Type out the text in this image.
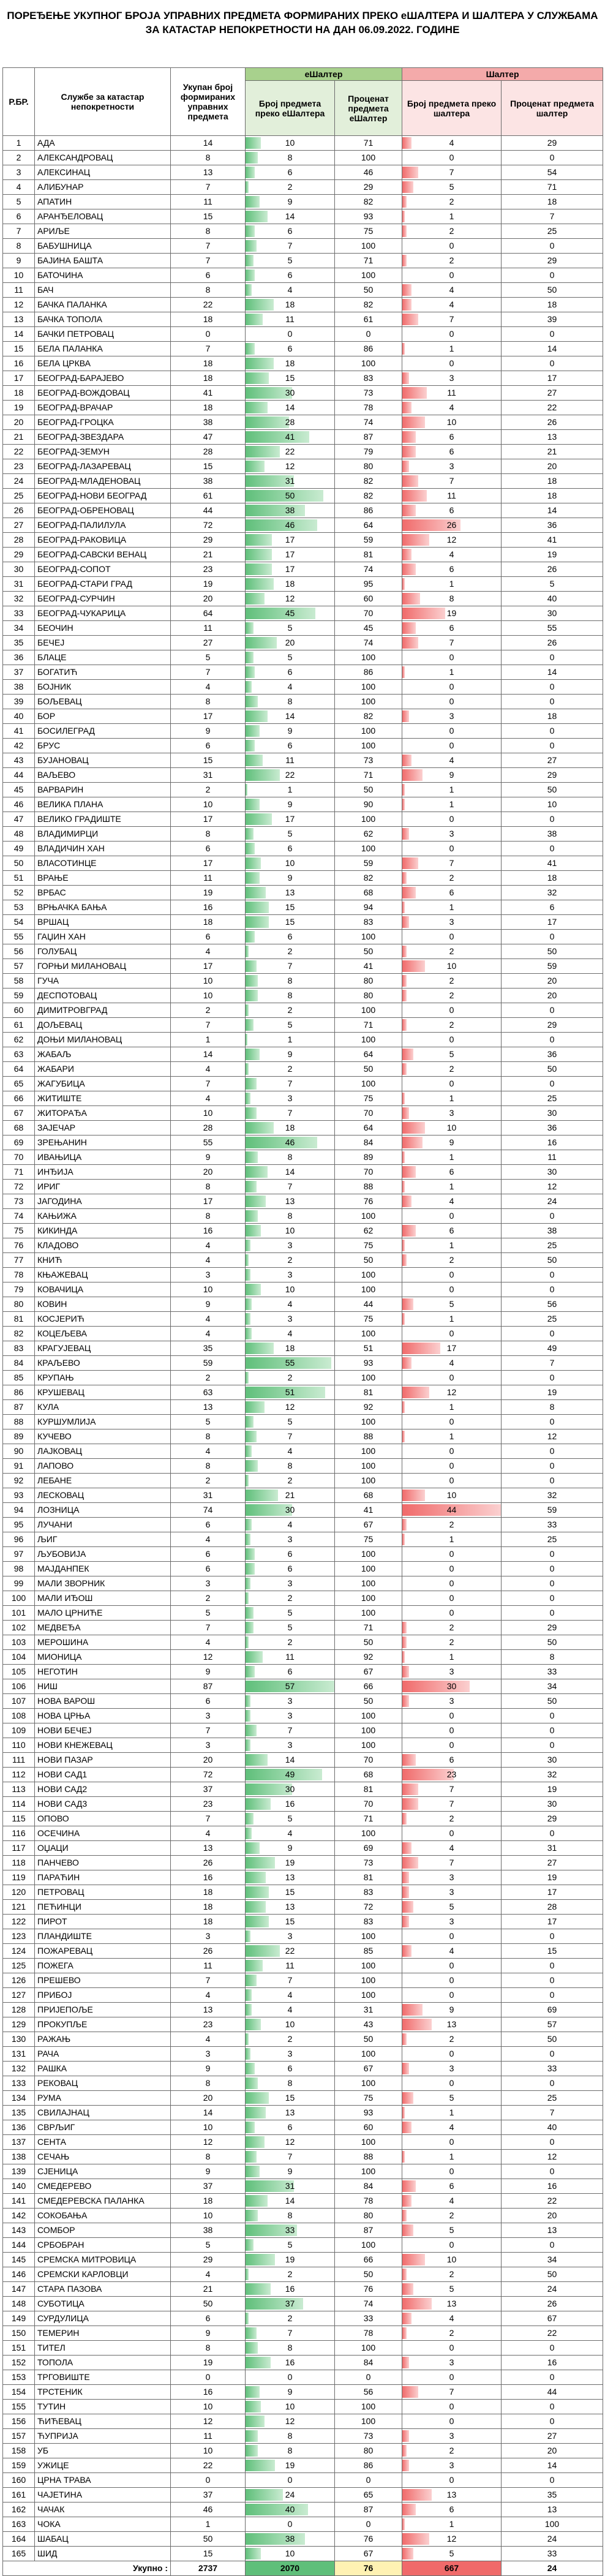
ПОРЕЂЕЊЕ УКУПНОГ БРОЈА УПРАВНИХ ПРЕДМЕТА ФОРМИРАНИХ ПРЕКО еШАЛТЕРА И ШАЛТЕРА У СЛУЖБАМА ЗА КАТАСТАР НЕПОКРЕТНОСТИ НА ДАН 06.09.2022. ГОДИНЕ
Р.БР.	Службе за катастар непокретности	Укупан број формираних управних предмета	еШалтер		Шалтер	
			Број предмета преко еШалтера	Проценат предмета еШалтер	Број предмета преко шалтера	Проценат предмета шалтер
1	АДА	14	10	71	4	29
2	АЛЕКСАНДРОВАЦ	8	8	100	0	0
3	АЛЕКСИНАЦ	13	6	46	7	54
4	АЛИБУНАР	7	2	29	5	71
5	АПАТИН	11	9	82	2	18
6	АРАНЂЕЛОВАЦ	15	14	93	1	7
7	АРИЉЕ	8	6	75	2	25
8	БАБУШНИЦА	7	7	100	0	0
9	БАЈИНА БАШТА	7	5	71	2	29
10	БАТОЧИНА	6	6	100	0	0
11	БАЧ	8	4	50	4	50
12	БАЧКА ПАЛАНКА	22	18	82	4	18
13	БАЧКА ТОПОЛА	18	11	61	7	39
14	БАЧКИ ПЕТРОВАЦ	0	0	0	0	0
15	БЕЛА ПАЛАНКА	7	6	86	1	14
16	БЕЛА ЦРКВА	18	18	100	0	0
17	БЕОГРАД-БАРАЈЕВО	18	15	83	3	17
18	БЕОГРАД-ВОЖДОВАЦ	41	30	73	11	27
19	БЕОГРАД-ВРАЧАР	18	14	78	4	22
20	БЕОГРАД-ГРОЦКА	38	28	74	10	26
21	БЕОГРАД-ЗВЕЗДАРА	47	41	87	6	13
22	БЕОГРАД-ЗЕМУН	28	22	79	6	21
23	БЕОГРАД-ЛАЗАРЕВАЦ	15	12	80	3	20
24	БЕОГРАД-МЛАДЕНОВАЦ	38	31	82	7	18
25	БЕОГРАД-НОВИ БЕОГРАД	61	50	82	11	18
26	БЕОГРАД-ОБРЕНОВАЦ	44	38	86	6	14
27	БЕОГРАД-ПАЛИЛУЛА	72	46	64	26	36
28	БЕОГРАД-РАКОВИЦА	29	17	59	12	41
29	БЕОГРАД-САВСКИ ВЕНАЦ	21	17	81	4	19
30	БЕОГРАД-СОПОТ	23	17	74	6	26
31	БЕОГРАД-СТАРИ ГРАД	19	18	95	1	5
32	БЕОГРАД-СУРЧИН	20	12	60	8	40
33	БЕОГРАД-ЧУКАРИЦА	64	45	70	19	30
34	БЕОЧИН	11	5	45	6	55
35	БЕЧЕЈ	27	20	74	7	26
36	БЛАЦЕ	5	5	100	0	0
37	БОГАТИЋ	7	6	86	1	14
38	БОЈНИК	4	4	100	0	0
39	БОЉЕВАЦ	8	8	100	0	0
40	БОР	17	14	82	3	18
41	БОСИЛЕГРАД	9	9	100	0	0
42	БРУС	6	6	100	0	0
43	БУЈАНОВАЦ	15	11	73	4	27
44	ВАЉЕВО	31	22	71	9	29
45	ВАРВАРИН	2	1	50	1	50
46	ВЕЛИКА ПЛАНА	10	9	90	1	10
47	ВЕЛИКО ГРАДИШТЕ	17	17	100	0	0
48	ВЛАДИМИРЦИ	8	5	62	3	38
49	ВЛАДИЧИН ХАН	6	6	100	0	0
50	ВЛАСОТИНЦЕ	17	10	59	7	41
51	ВРАЊЕ	11	9	82	2	18
52	ВРБАС	19	13	68	6	32
53	ВРЊАЧКА БАЊА	16	15	94	1	6
54	ВРШАЦ	18	15	83	3	17
55	ГАЏИН ХАН	6	6	100	0	0
56	ГОЛУБАЦ	4	2	50	2	50
57	ГОРЊИ МИЛАНОВАЦ	17	7	41	10	59
58	ГУЧА	10	8	80	2	20
59	ДЕСПОТОВАЦ	10	8	80	2	20
60	ДИМИТРОВГРАД	2	2	100	0	0
61	ДОЉЕВАЦ	7	5	71	2	29
62	ДОЊИ МИЛАНОВАЦ	1	1	100	0	0
63	ЖАБАЉ	14	9	64	5	36
64	ЖАБАРИ	4	2	50	2	50
65	ЖАГУБИЦА	7	7	100	0	0
66	ЖИТИШТЕ	4	3	75	1	25
67	ЖИТОРАЂА	10	7	70	3	30
68	ЗАЈЕЧАР	28	18	64	10	36
69	ЗРЕЊАНИН	55	46	84	9	16
70	ИВАЊИЦА	9	8	89	1	11
71	ИНЂИЈА	20	14	70	6	30
72	ИРИГ	8	7	88	1	12
73	ЈАГОДИНА	17	13	76	4	24
74	КАЊИЖА	8	8	100	0	0
75	КИКИНДА	16	10	62	6	38
76	КЛАДОВО	4	3	75	1	25
77	КНИЋ	4	2	50	2	50
78	КЊАЖЕВАЦ	3	3	100	0	0
79	КОВАЧИЦА	10	10	100	0	0
80	КОВИН	9	4	44	5	56
81	КОСЈЕРИЋ	4	3	75	1	25
82	КОЦЕЉЕВА	4	4	100	0	0
83	КРАГУЈЕВАЦ	35	18	51	17	49
84	КРАЉЕВО	59	55	93	4	7
85	КРУПАЊ	2	2	100	0	0
86	КРУШЕВАЦ	63	51	81	12	19
87	КУЛА	13	12	92	1	8
88	КУРШУМЛИЈА	5	5	100	0	0
89	КУЧЕВО	8	7	88	1	12
90	ЛАЈКОВАЦ	4	4	100	0	0
91	ЛАПОВО	8	8	100	0	0
92	ЛЕБАНЕ	2	2	100	0	0
93	ЛЕСКОВАЦ	31	21	68	10	32
94	ЛОЗНИЦА	74	30	41	44	59
95	ЛУЧАНИ	6	4	67	2	33
96	ЉИГ	4	3	75	1	25
97	ЉУБОВИЈА	6	6	100	0	0
98	МАЈДАНПЕК	6	6	100	0	0
99	МАЛИ ЗВОРНИК	3	3	100	0	0
100	МАЛИ ИЂОШ	2	2	100	0	0
101	МАЛО ЦРНИЋЕ	5	5	100	0	0
102	МЕДВЕЂА	7	5	71	2	29
103	МЕРОШИНА	4	2	50	2	50
104	МИОНИЦА	12	11	92	1	8
105	НЕГОТИН	9	6	67	3	33
106	НИШ	87	57	66	30	34
107	НОВА ВАРОШ	6	3	50	3	50
108	НОВА ЦРЊА	3	3	100	0	0
109	НОВИ БЕЧЕЈ	7	7	100	0	0
110	НОВИ КНЕЖЕВАЦ	3	3	100	0	0
111	НОВИ ПАЗАР	20	14	70	6	30
112	НОВИ САД1	72	49	68	23	32
113	НОВИ САД2	37	30	81	7	19
114	НОВИ САД3	23	16	70	7	30
115	ОПОВО	7	5	71	2	29
116	ОСЕЧИНА	4	4	100	0	0
117	ОЏАЦИ	13	9	69	4	31
118	ПАНЧЕВО	26	19	73	7	27
119	ПАРАЋИН	16	13	81	3	19
120	ПЕТРОВАЦ	18	15	83	3	17
121	ПЕЋИНЦИ	18	13	72	5	28
122	ПИРОТ	18	15	83	3	17
123	ПЛАНДИШТЕ	3	3	100	0	0
124	ПОЖАРЕВАЦ	26	22	85	4	15
125	ПОЖЕГА	11	11	100	0	0
126	ПРЕШЕВО	7	7	100	0	0
127	ПРИБОЈ	4	4	100	0	0
128	ПРИЈЕПОЉЕ	13	4	31	9	69
129	ПРОКУПЉЕ	23	10	43	13	57
130	РАЖАЊ	4	2	50	2	50
131	РАЧА	3	3	100	0	0
132	РАШКА	9	6	67	3	33
133	РЕКОВАЦ	8	8	100	0	0
134	РУМА	20	15	75	5	25
135	СВИЛАЈНАЦ	14	13	93	1	7
136	СВРЉИГ	10	6	60	4	40
137	СЕНТА	12	12	100	0	0
138	СЕЧАЊ	8	7	88	1	12
139	СЈЕНИЦА	9	9	100	0	0
140	СМЕДЕРЕВО	37	31	84	6	16
141	СМЕДЕРЕВСКА ПАЛАНКА	18	14	78	4	22
142	СОКОБАЊА	10	8	80	2	20
143	СОМБОР	38	33	87	5	13
144	СРБОБРАН	5	5	100	0	0
145	СРЕМСКА МИТРОВИЦА	29	19	66	10	34
146	СРЕМСКИ КАРЛОВЦИ	4	2	50	2	50
147	СТАРА ПАЗОВА	21	16	76	5	24
148	СУБОТИЦА	50	37	74	13	26
149	СУРДУЛИЦА	6	2	33	4	67
150	ТЕМЕРИН	9	7	78	2	22
151	ТИТЕЛ	8	8	100	0	0
152	ТОПОЛА	19	16	84	3	16
153	ТРГОВИШТЕ	0	0	0	0	0
154	ТРСТЕНИК	16	9	56	7	44
155	ТУТИН	10	10	100	0	0
156	ЋИЋЕВАЦ	12	12	100	0	0
157	ЋУПРИЈА	11	8	73	3	27
158	УБ	10	8	80	2	20
159	УЖИЦЕ	22	19	86	3	14
160	ЦРНА ТРАВА	0	0	0	0	0
161	ЧАЈЕТИНА	37	24	65	13	35
162	ЧАЧАК	46	40	87	6	13
163	ЧОКА	1	0	0	1	100
164	ШАБАЦ	50	38	76	12	24
165	ШИД	15	10	67	5	33
Укупно :		2737	2070	76	667	24
